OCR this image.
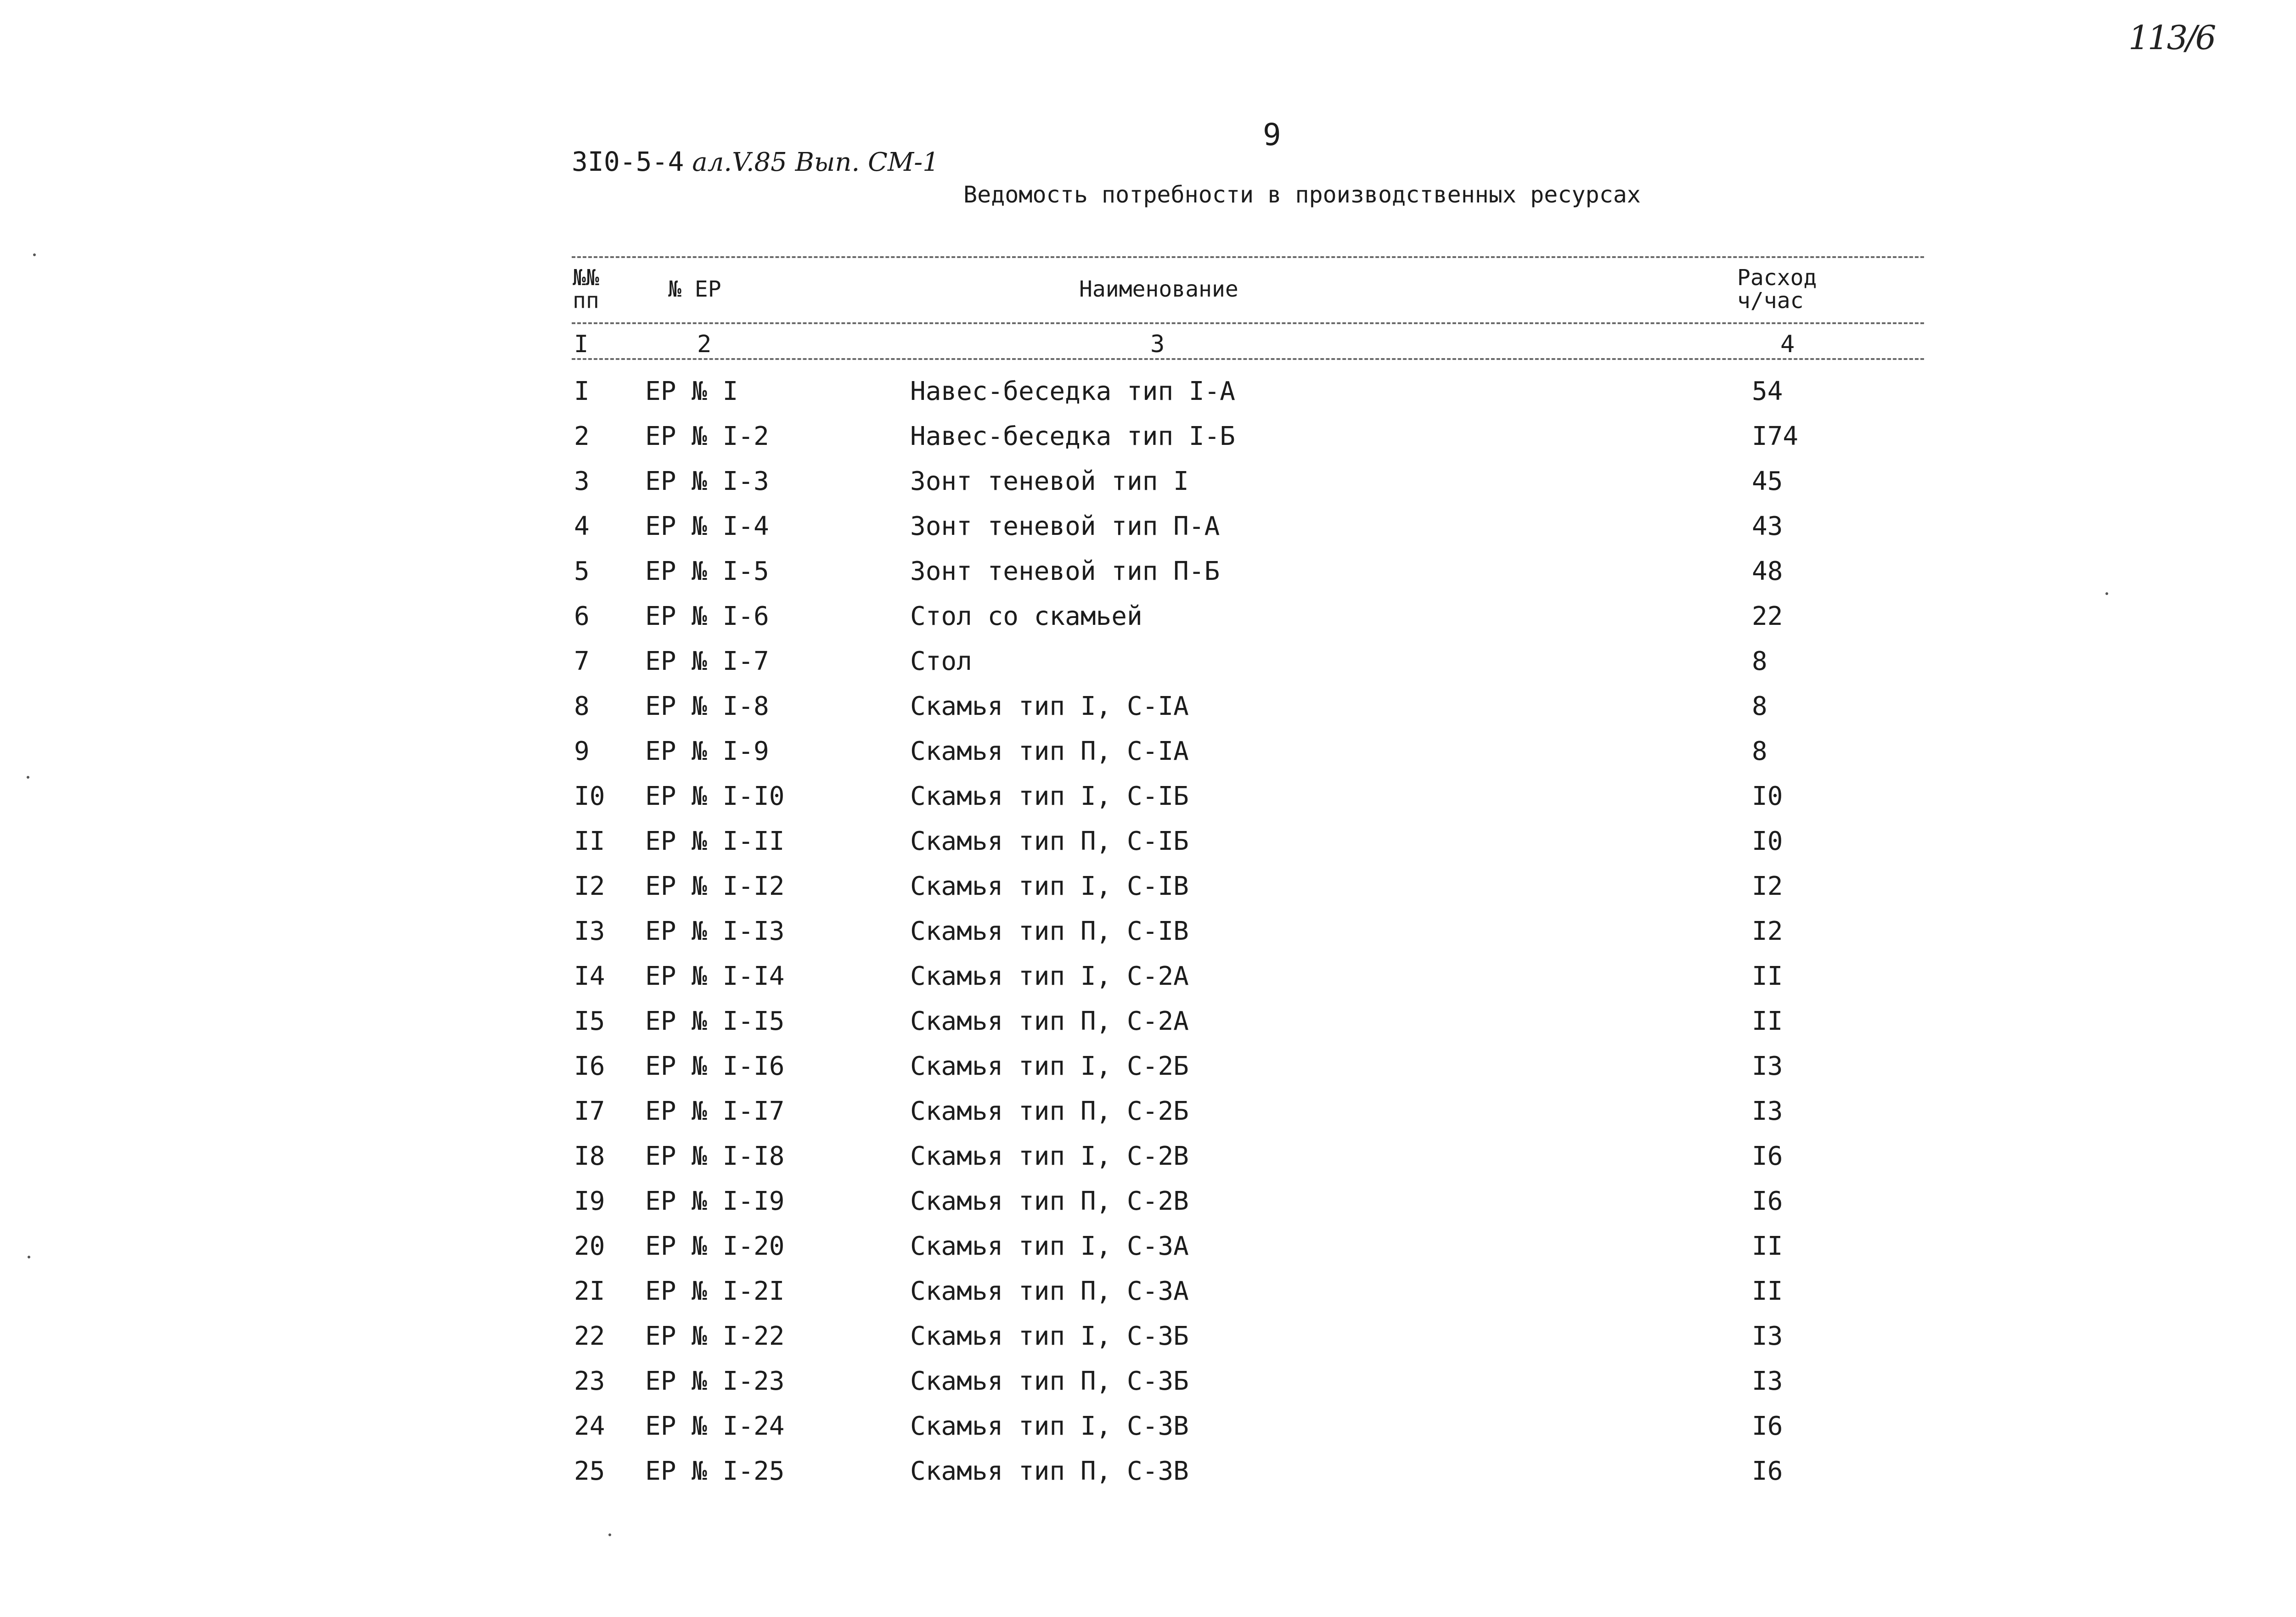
113/6
3I0-5-4 ал.V.85 Вып. СМ-1
9
Ведомость потребности в производственных ресурсах
№№
пп	№ ЕР	Наименование	Расход
ч/час
I	2	3	4
I ЕР № I	Навес-беседка тип I-А	54
2 ЕР № I-2	Навес-беседка тип I-Б	I74
3 ЕР № I-3	Зонт теневой тип I	45
4 ЕР № I-4	Зонт теневой тип П-А	43
5 ЕР № I-5	Зонт теневой тип П-Б	48
6 ЕР № I-6	Стол со скамьей	22
7 ЕР № I-7	Стол	8
8 ЕР № I-8	Скамья тип I, С-IА	8
9 ЕР № I-9	Скамья тип П, С-IА	8
I0 ЕР № I-I0	Скамья тип I, С-IБ	I0
II ЕР № I-II	Скамья тип П, С-IБ	I0
I2 ЕР № I-I2	Скамья тип I, С-IВ	I2
I3 ЕР № I-I3	Скамья тип П, С-IВ	I2
I4 ЕР № I-I4	Скамья тип I, С-2А	II
I5 ЕР № I-I5	Скамья тип П, С-2А	II
I6 ЕР № I-I6	Скамья тип I, С-2Б	I3
I7 ЕР № I-I7	Скамья тип П, С-2Б	I3
I8 ЕР № I-I8	Скамья тип I, С-2В	I6
I9 ЕР № I-I9	Скамья тип П, С-2В	I6
20 ЕР № I-20	Скамья тип I, С-3А	II
2I ЕР № I-2I	Скамья тип П, С-3А	II
22 ЕР № I-22	Скамья тип I, С-3Б	I3
23 ЕР № I-23	Скамья тип П, С-3Б	I3
24 ЕР № I-24	Скамья тип I, С-3В	I6
25 ЕР № I-25	Скамья тип П, С-3В	I6
